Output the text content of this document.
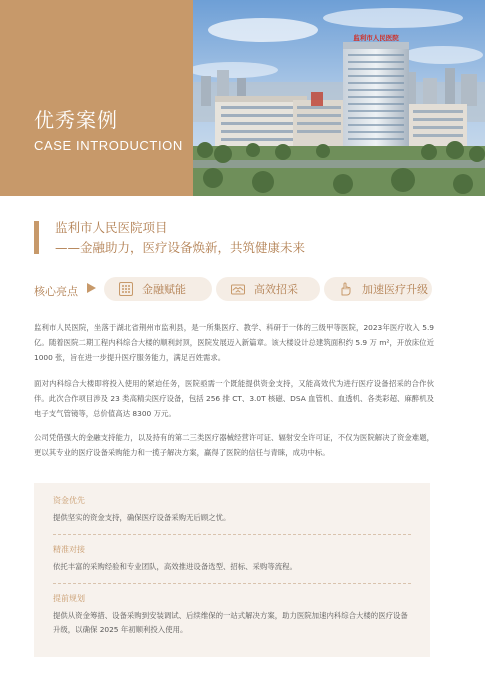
优秀案例

CASE INTRODUCTION

监利市人民医院
监利市人民医院项目

——金融助力，医疗设备焕新，共筑健康未来

核心亮点	金融赋能	高效招采	加速医疗升级

监利市人民医院，坐落于湖北省荆州市监利县，是一所集医疗、教学、科研于一体的三级甲等医院，2023年医疗收入 5.9 亿。随着医院二期工程内科综合大楼的顺利封顶，医院发展迈入新篇章。该大楼设计总建筑面积约 5.9 万 m²，开放床位近 1000 张，旨在进一步提升医疗服务能力，满足百姓需求。

面对内科综合大楼即将投入使用的紧迫任务，医院亟需一个既能提供资金支持，又能高效代为进行医疗设备招采的合作伙伴。此次合作项目涉及 23 类高精尖医疗设备，包括 256 排 CT、3.0T 核磁、DSA 血管机、血透机、各类彩超、麻醉机及电子支气管镜等，总价值高达 8300 万元。

公司凭借强大的金融支持能力，以及持有的第二三类医疗器械经营许可证、辐射安全许可证，不仅为医院解决了资金难题，更以其专业的医疗设备采购能力和一揽子解决方案，赢得了医院的信任与青睐，成功中标。

资金优先

提供坚实的资金支持，确保医疗设备采购无后顾之忧。

精准对接

依托丰富的采购经验和专业团队，高效推进设备选型、招标、采购等流程。

提前规划

提供从资金筹措、设备采购到安装调试、后续维保的一站式解决方案，助力医院加速内科综合大楼的医疗设备升级，以确保 2025 年初顺利投入使用。
